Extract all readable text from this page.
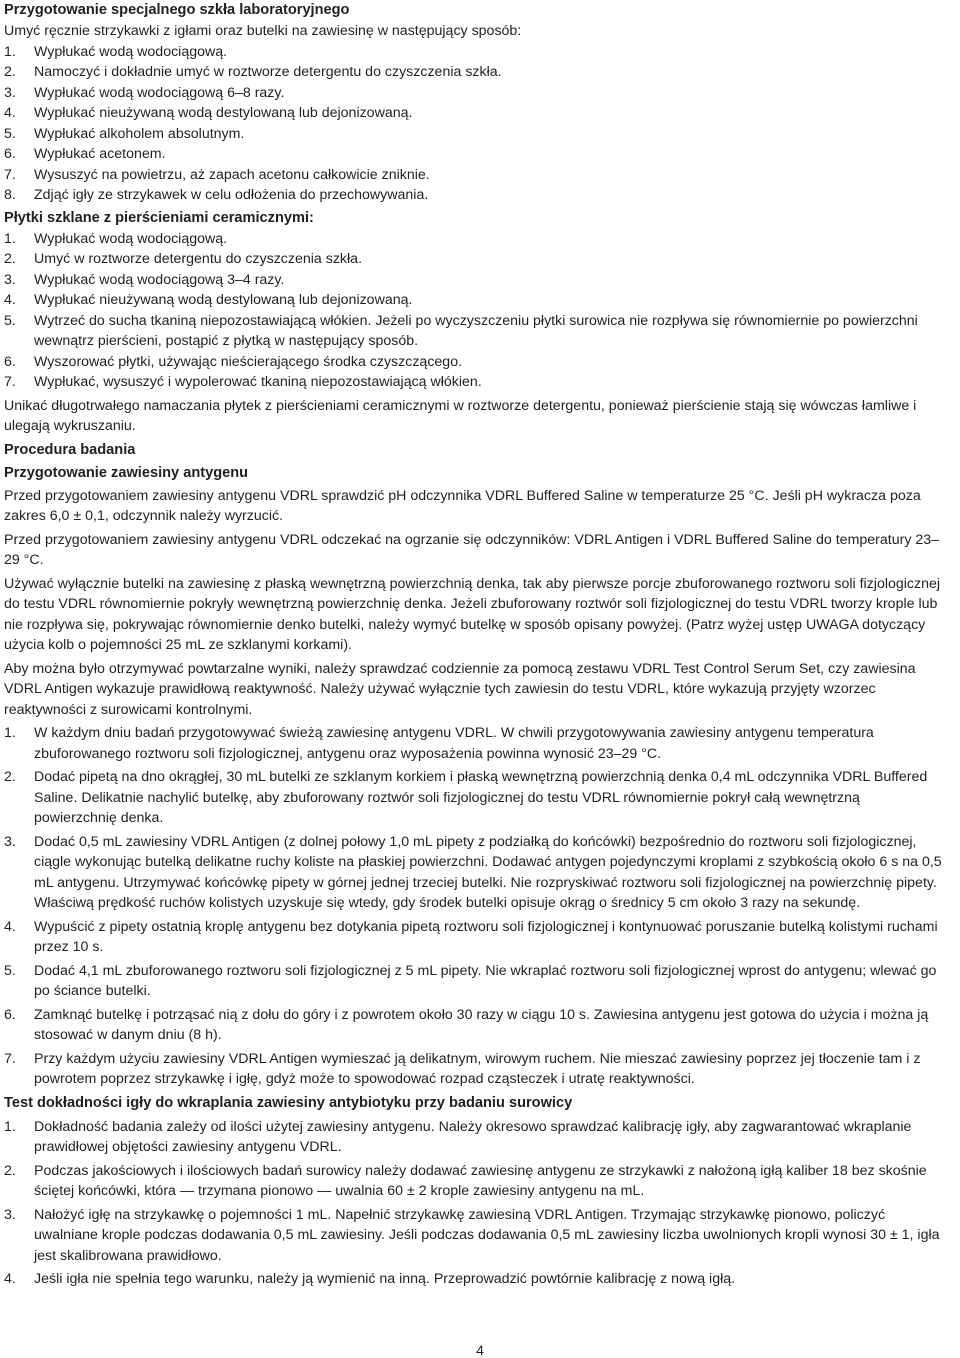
Przygotowanie specjalnego szkła laboratoryjnego

Umyć ręcznie strzykawki z igłami oraz butelki na zawiesinę w następujący sposób:

1.	Wypłukać wodą wodociągową.
2.	Namoczyć i dokładnie umyć w roztworze detergentu do czyszczenia szkła.
3.	Wypłukać wodą wodociągową 6–8 razy.
4.	Wypłukać nieużywaną wodą destylowaną lub dejonizowaną.
5.	Wypłukać alkoholem absolutnym.
6.	Wypłukać acetonem.
7.	Wysuszyć na powietrzu, aż zapach acetonu całkowicie zniknie.
8.	Zdjąć igły ze strzykawek w celu odłożenia do przechowywania.
Płytki szklane z pierścieniami ceramicznymi:
1.	Wypłukać wodą wodociągową.
2.	Umyć w roztworze detergentu do czyszczenia szkła.
3.	Wypłukać wodą wodociągową 3–4 razy.
4.	Wypłukać nieużywaną wodą destylowaną lub dejonizowaną.
5.	Wytrzeć do sucha tkaniną niepozostawiającą włókien. Jeżeli po wyczyszczeniu płytki surowica nie rozpływa się równomiernie po powierzchni wewnątrz pierścieni, postąpić z płytką w następujący sposób.
6.	Wyszorować płytki, używając nieścierającego środka czyszczącego.
7.	Wypłukać, wysuszyć i wypolerować tkaniną niepozostawiającą włókien.

Unikać długotrwałego namaczania płytek z pierścieniami ceramicznymi w roztworze detergentu, ponieważ pierścienie stają się wówczas łamliwe i ulegają wykruszaniu.

Procedura badania
Przygotowanie zawiesiny antygenu

Przed przygotowaniem zawiesiny antygenu VDRL sprawdzić pH odczynnika VDRL Buffered Saline w temperaturze 25 °C. Jeśli pH wykracza poza zakres 6,0 ± 0,1, odczynnik należy wyrzucić.

Przed przygotowaniem zawiesiny antygenu VDRL odczekać na ogrzanie się odczynników: VDRL Antigen i VDRL Buffered Saline do temperatury 23–29 °C.

Używać wyłącznie butelki na zawiesinę z płaską wewnętrzną powierzchnią denka, tak aby pierwsze porcje zbuforowanego roztworu soli fizjologicznej do testu VDRL równomiernie pokryły wewnętrzną powierzchnię denka. Jeżeli zbuforowany roztwór soli fizjologicznej do testu VDRL tworzy krople lub nie rozpływa się, pokrywając równomiernie denko butelki, należy wymyć butelkę w sposób opisany powyżej. (Patrz wyżej ustęp UWAGA dotyczący użycia kolb o pojemności 25 mL ze szklanymi korkami).

Aby można było otrzymywać powtarzalne wyniki, należy sprawdzać codziennie za pomocą zestawu VDRL Test Control Serum Set, czy zawiesina VDRL Antigen wykazuje prawidłową reaktywność. Należy używać wyłącznie tych zawiesin do testu VDRL, które wykazują przyjęty wzorzec reaktywności z surowicami kontrolnymi.

1.	W każdym dniu badań przygotowywać świeżą zawiesinę antygenu VDRL. W chwili przygotowywania zawiesiny antygenu temperatura zbuforowanego roztworu soli fizjologicznej, antygenu oraz wyposażenia powinna wynosić 23–29 °C.
2.	Dodać pipetą na dno okrągłej, 30 mL butelki ze szklanym korkiem i płaską wewnętrzną powierzchnią denka 0,4 mL odczynnika VDRL Buffered Saline. Delikatnie nachylić butelkę, aby zbuforowany roztwór soli fizjologicznej do testu VDRL równomiernie pokrył całą wewnętrzną powierzchnię denka.
3.	Dodać 0,5 mL zawiesiny VDRL Antigen (z dolnej połowy 1,0 mL pipety z podziałką do końcówki) bezpośrednio do roztworu soli fizjologicznej, ciągle wykonując butelką delikatne ruchy koliste na płaskiej powierzchni. Dodawać antygen pojedynczymi kroplami z szybkością około 6 s na 0,5 mL antygenu. Utrzymywać końcówkę pipety w górnej jednej trzeciej butelki. Nie rozpryskiwać roztworu soli fizjologicznej na powierzchnię pipety. Właściwą prędkość ruchów kolistych uzyskuje się wtedy, gdy środek butelki opisuje okrąg o średnicy 5 cm około 3 razy na sekundę.
4.	Wypuścić z pipety ostatnią kroplę antygenu bez dotykania pipetą roztworu soli fizjologicznej i kontynuować poruszanie butelką kolistymi ruchami przez 10 s.
5.	Dodać 4,1 mL zbuforowanego roztworu soli fizjologicznej z 5 mL pipety. Nie wkraplać roztworu soli fizjologicznej wprost do antygenu; wlewać go po ściance butelki.
6.	Zamknąć butelkę i potrząsać nią z dołu do góry i z powrotem około 30 razy w ciągu 10 s. Zawiesina antygenu jest gotowa do użycia i można ją stosować w danym dniu (8 h).
7.	Przy każdym użyciu zawiesiny VDRL Antigen wymieszać ją delikatnym, wirowym ruchem. Nie mieszać zawiesiny poprzez jej tłoczenie tam i z powrotem poprzez strzykawkę i igłę, gdyż może to spowodować rozpad cząsteczek i utratę reaktywności.
Test dokładności igły do wkraplania zawiesiny antybiotyku przy badaniu surowicy
1.	Dokładność badania zależy od ilości użytej zawiesiny antygenu. Należy okresowo sprawdzać kalibrację igły, aby zagwarantować wkraplanie prawidłowej objętości zawiesiny antygenu VDRL.
2.	Podczas jakościowych i ilościowych badań surowicy należy dodawać zawiesinę antygenu ze strzykawki z nałożoną igłą kaliber 18 bez skośnie ściętej końcówki, która — trzymana pionowo — uwalnia 60 ± 2 krople zawiesiny antygenu na mL.
3.	Nałożyć igłę na strzykawkę o pojemności 1 mL. Napełnić strzykawkę zawiesiną VDRL Antigen. Trzymając strzykawkę pionowo, policzyć uwalniane krople podczas dodawania 0,5 mL zawiesiny. Jeśli podczas dodawania 0,5 mL zawiesiny liczba uwolnionych kropli wynosi 30 ± 1, igła jest skalibrowana prawidłowo.
4.	Jeśli igła nie spełnia tego warunku, należy ją wymienić na inną. Przeprowadzić powtórnie kalibrację z nową igłą.
4
